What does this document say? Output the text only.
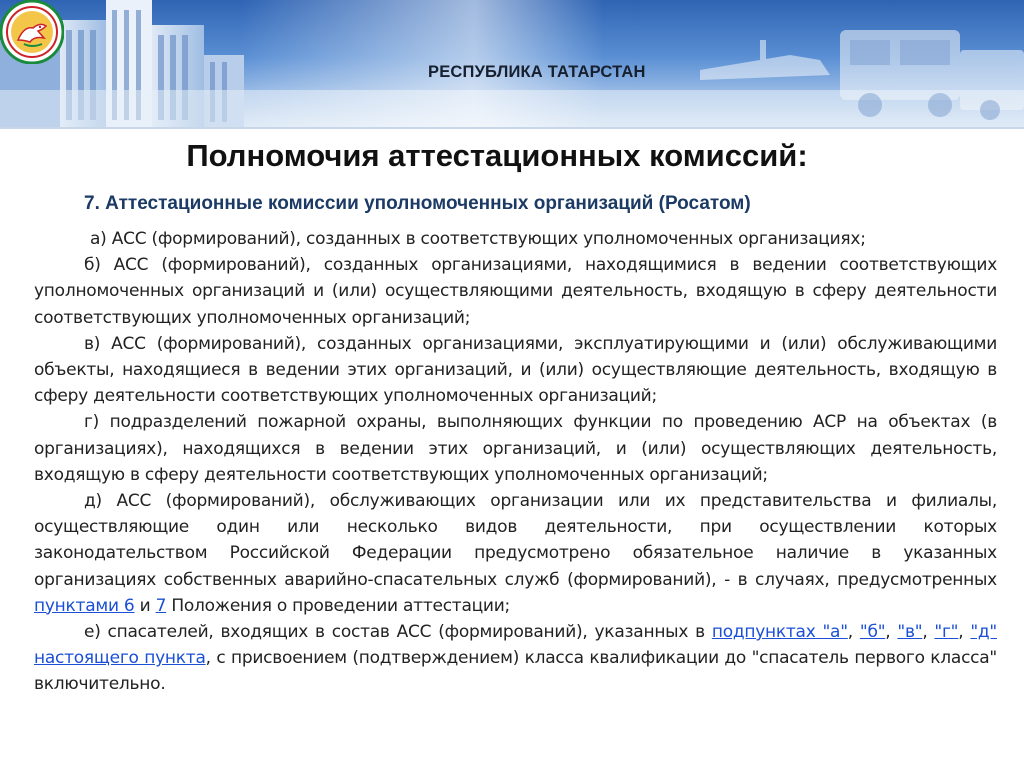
РЕСПУБЛИКА ТАТАРСТАН
Полномочия аттестационных комиссий:
7. Аттестационные комиссии уполномоченных организаций (Росатом)

а) АСС (формирований), созданных в соответствующих уполномоченных организациях;

б) АСС (формирований), созданных организациями, находящимися в ведении соответствующих уполномоченных организаций и (или) осуществляющими деятельность, входящую в сферу деятельности соответствующих уполномоченных организаций;

в) АСС (формирований), созданных организациями, эксплуатирующими и (или) обслуживающими объекты, находящиеся в ведении этих организаций, и (или) осуществляющие деятельность, входящую в сферу деятельности соответствующих уполномоченных организаций;

г) подразделений пожарной охраны, выполняющих функции по проведению АСР на объектах (в организациях), находящихся в ведении этих организаций, и (или) осуществляющих деятельность, входящую в сферу деятельности соответствующих уполномоченных организаций;

д) АСС (формирований), обслуживающих организации или их представительства и филиалы, осуществляющие один или несколько видов деятельности, при осуществлении которых законодательством Российской Федерации предусмотрено обязательное наличие в указанных организациях собственных аварийно-спасательных служб (формирований), - в случаях, предусмотренных пунктами 6 и 7 Положения о проведении аттестации;

е) спасателей, входящих в состав АСС (формирований), указанных в подпунктах "а", "б", "в", "г", "д" настоящего пункта, с присвоением (подтверждением) класса квалификации до "спасатель первого класса" включительно.
